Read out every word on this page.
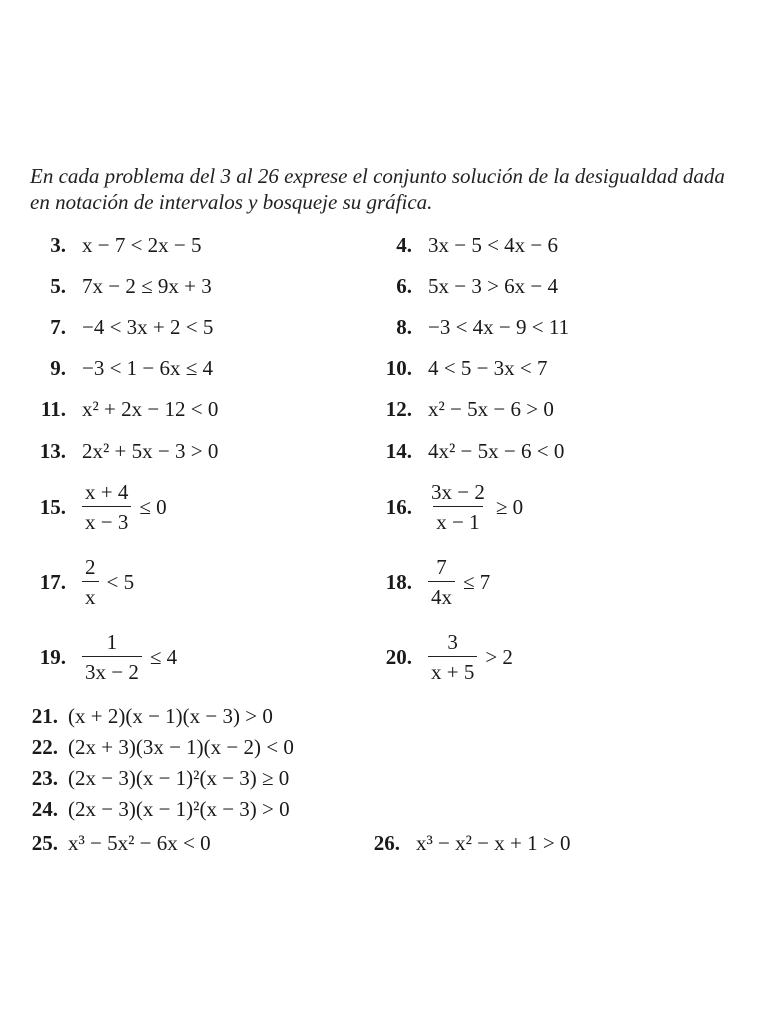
En cada problema del 3 al 26 exprese el conjunto solución de la desigualdad dada en notación de intervalos y bosqueje su gráfica.
3. x − 7 < 2x − 5	4. 3x − 5 < 4x − 6
5. 7x − 2 ≤ 9x + 3	6. 5x − 3 > 6x − 4
7. −4 < 3x + 2 < 5	8. −3 < 4x − 9 < 11
9. −3 < 1 − 6x ≤ 4	10. 4 < 5 − 3x < 7
11. x² + 2x − 12 < 0	12. x² − 5x − 6 > 0
13. 2x² + 5x − 3 > 0	14. 4x² − 5x − 6 < 0
15. $\frac{x + 4}{x - 3} \le 0$	16. $\frac{3x - 2}{x - 1} \ge 0$
17. $\frac{2}{x} < 5$	18. $\frac{7}{4x} \le 7$
19. $\frac{1}{3x - 2} \le 4$	20. $\frac{3}{x + 5} > 2$
21. (x + 2)(x − 1)(x − 3) > 0
22. (2x + 3)(3x − 1)(x − 2) < 0
23. (2x − 3)(x − 1)²(x − 3) ≥ 0
24. (2x − 3)(x − 1)²(x − 3) > 0
25. x³ − 5x² − 6x < 0	26. x³ − x² − x + 1 > 0
